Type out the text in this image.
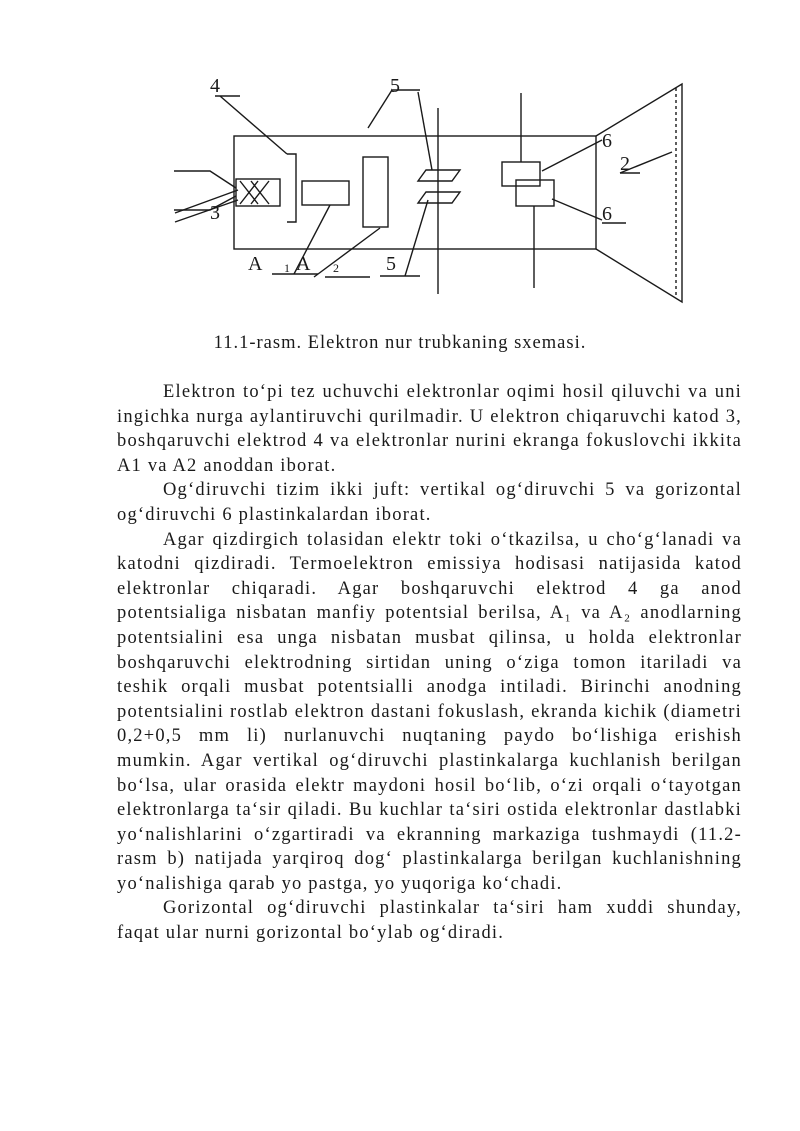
4	5
3
6
2
6
A 1 A 2 5
11.1-rasm. Elektron nur trubkaning sxemasi.

Elektron to‘pi tez uchuvchi elektronlar oqimi hosil qiluvchi va uni ingichka nurga aylantiruvchi qurilmadir. U elektron chiqaruvchi katod 3, boshqaruvchi elektrod 4 va elektronlar nurini ekranga fokuslovchi ikkita A1 va A2 anoddan iborat.

Og‘diruvchi tizim ikki juft: vertikal og‘diruvchi 5 va gorizontal og‘diruvchi 6 plastinkalardan iborat.

Agar qizdirgich tolasidan elektr toki o‘tkazilsa, u cho‘g‘lanadi va katodni qizdiradi. Termoelektron emissiya hodisasi natijasida katod elektronlar chiqaradi. Agar boshqaruvchi elektrod 4 ga anod potentsialiga nisbatan manfiy potentsial berilsa, A₁ va A₂ anodlarning potentsialini esa unga nisbatan musbat qilinsa, u holda elektronlar boshqaruvchi elektrodning sirtidan uning o‘ziga tomon itariladi va teshik orqali musbat potentsialli anodga intiladi. Birinchi anodning potentsialini rostlab elektron dastani fokuslash, ekranda kichik (diametri 0,2+0,5 mm li) nurlanuvchi nuqtaning paydo bo‘lishiga erishish mumkin. Agar vertikal og‘diruvchi plastinkalarga kuchlanish berilgan bo‘lsa, ular orasida elektr maydoni hosil bo‘lib, o‘zi orqali o‘tayotgan elektronlarga ta‘sir qiladi. Bu kuchlar ta‘siri ostida elektronlar dastlabki yo‘nalishlarini o‘zgartiradi va ekranning markaziga tushmaydi (11.2-rasm b) natijada yarqiroq dog‘ plastinkalarga berilgan kuchlanishning yo‘nalishiga qarab yo pastga, yo yuqoriga ko‘chadi.

Gorizontal og‘diruvchi plastinkalar ta‘siri ham xuddi shunday, faqat ular nurni gorizontal bo‘ylab og‘diradi.
